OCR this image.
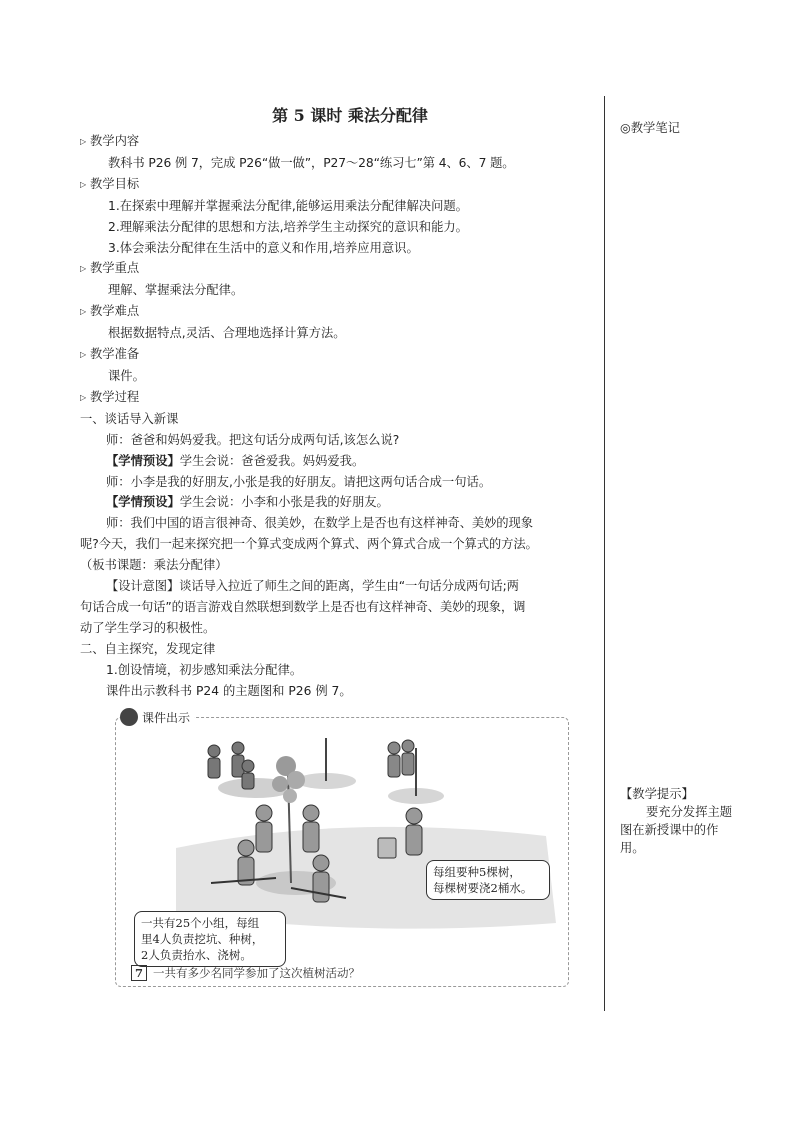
第 5 课时 乘法分配律
▷ 教学内容
教科书 P26 例 7，完成 P26“做一做”，P27～28“练习七”第 4、6、7 题。
▷ 教学目标
1.在探索中理解并掌握乘法分配律,能够运用乘法分配律解决问题。
2.理解乘法分配律的思想和方法,培养学生主动探究的意识和能力。
3.体会乘法分配律在生活中的意义和作用,培养应用意识。
▷ 教学重点
理解、掌握乘法分配律。
▷ 教学难点
根据数据特点,灵活、合理地选择计算方法。
▷ 教学准备
课件。
▷ 教学过程
一、谈话导入新课
师：爸爸和妈妈爱我。把这句话分成两句话,该怎么说?
【学情预设】学生会说：爸爸爱我。妈妈爱我。
师：小李是我的好朋友,小张是我的好朋友。请把这两句话合成一句话。
【学情预设】学生会说：小李和小张是我的好朋友。
师：我们中国的语言很神奇、很美妙，在数学上是否也有这样神奇、美妙的现象
呢?今天，我们一起来探究把一个算式变成两个算式、两个算式合成一个算式的方法。
（板书课题：乘法分配律）
【设计意图】谈话导入拉近了师生之间的距离，学生由“一句话分成两句话;两
句话合成一句话”的语言游戏自然联想到数学上是否也有这样神奇、美妙的现象，调
动了学生学习的积极性。
二、自主探究，发现定律
1.创设情境，初步感知乘法分配律。
课件出示教科书 P24 的主题图和 P26 例 7。
◎教学笔记
【教学提示】
要充分发挥主题图在新授课中的作用。
课件出示
每组要种5棵树，
每棵树要浇2桶水。
一共有25个小组，每组
里4人负责挖坑、种树，
2人负责抬水、浇树。
7 一共有多少名同学参加了这次植树活动？
